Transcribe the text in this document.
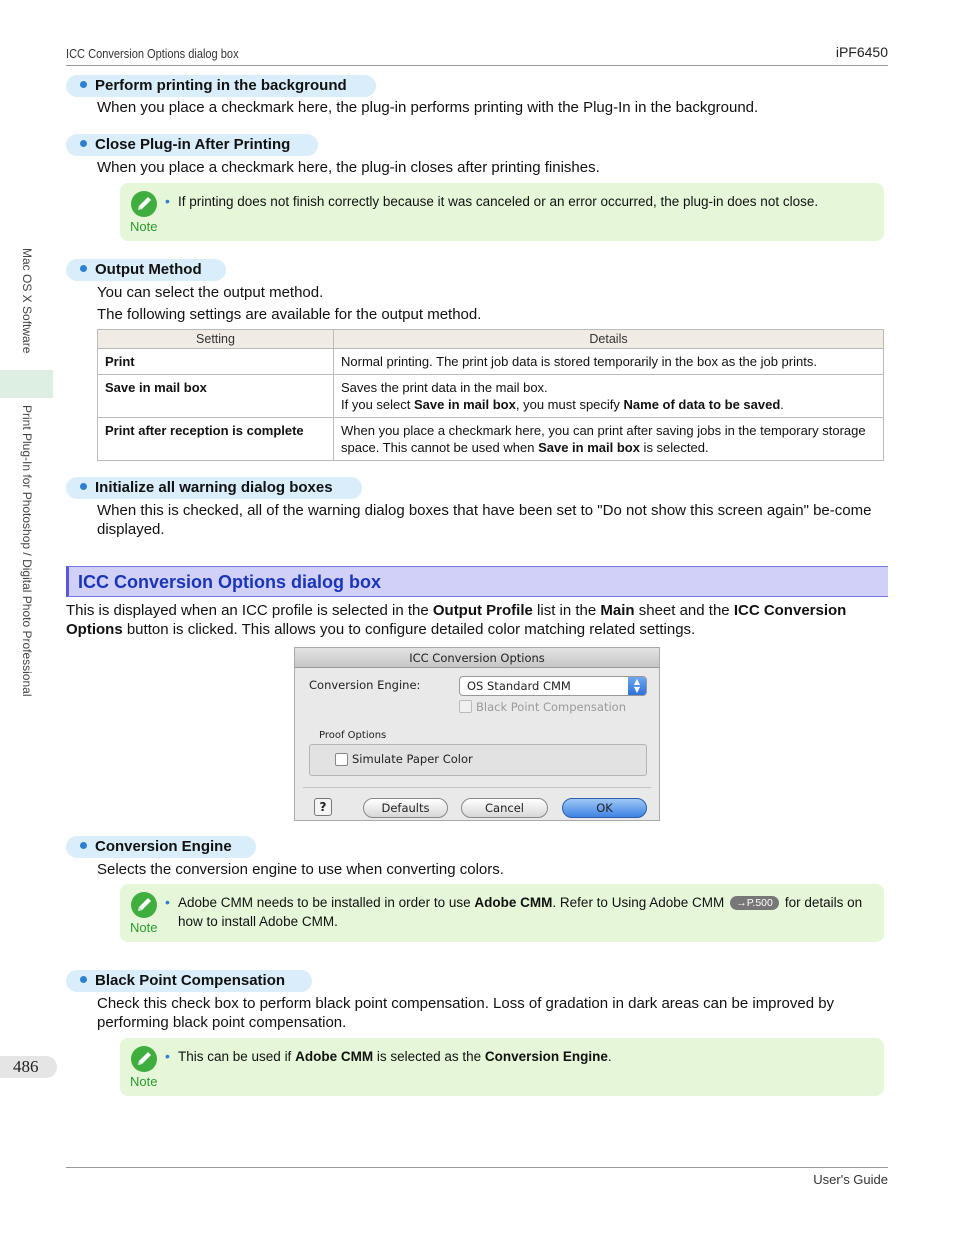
ICC Conversion Options dialog box	iPF6450
Mac OS X Software
Print Plug-In for Photoshop / Digital Photo Professional
486
Perform printing in the background
When you place a checkmark here, the plug-in performs printing with the Plug-In in the background.
Close Plug-in After Printing
When you place a checkmark here, the plug-in closes after printing finishes.
Note
• If printing does not finish correctly because it was canceled or an error occurred, the plug-in does not close.
Output Method
You can select the output method.
The following settings are available for the output method.
Setting	Details
Print	Normal printing. The print job data is stored temporarily in the box as the job prints.
Save in mail box	Saves the print data in the mail box.
If you select Save in mail box, you must specify Name of data to be saved.
Print after reception is complete	When you place a checkmark here, you can print after saving jobs in the temporary storage space. This cannot be used when Save in mail box is selected.
Initialize all warning dialog boxes
When this is checked, all of the warning dialog boxes that have been set to "Do not show this screen again" be-come displayed.
ICC Conversion Options dialog box
This is displayed when an ICC profile is selected in the Output Profile list in the Main sheet and the ICC Conversion Options button is clicked. This allows you to configure detailed color matching related settings.
ICC Conversion Options
Conversion Engine:	OS Standard CMM	▲
▼
Black Point Compensation
Proof Options
Simulate Paper Color
?	Defaults	Cancel	OK
Conversion Engine
Selects the conversion engine to use when converting colors.
Note
• Adobe CMM needs to be installed in order to use Adobe CMM. Refer to Using Adobe CMM →P.500 for details on how to install Adobe CMM.
Black Point Compensation
Check this check box to perform black point compensation. Loss of gradation in dark areas can be improved by performing black point compensation.
Note
• This can be used if Adobe CMM is selected as the Conversion Engine.
User's Guide
